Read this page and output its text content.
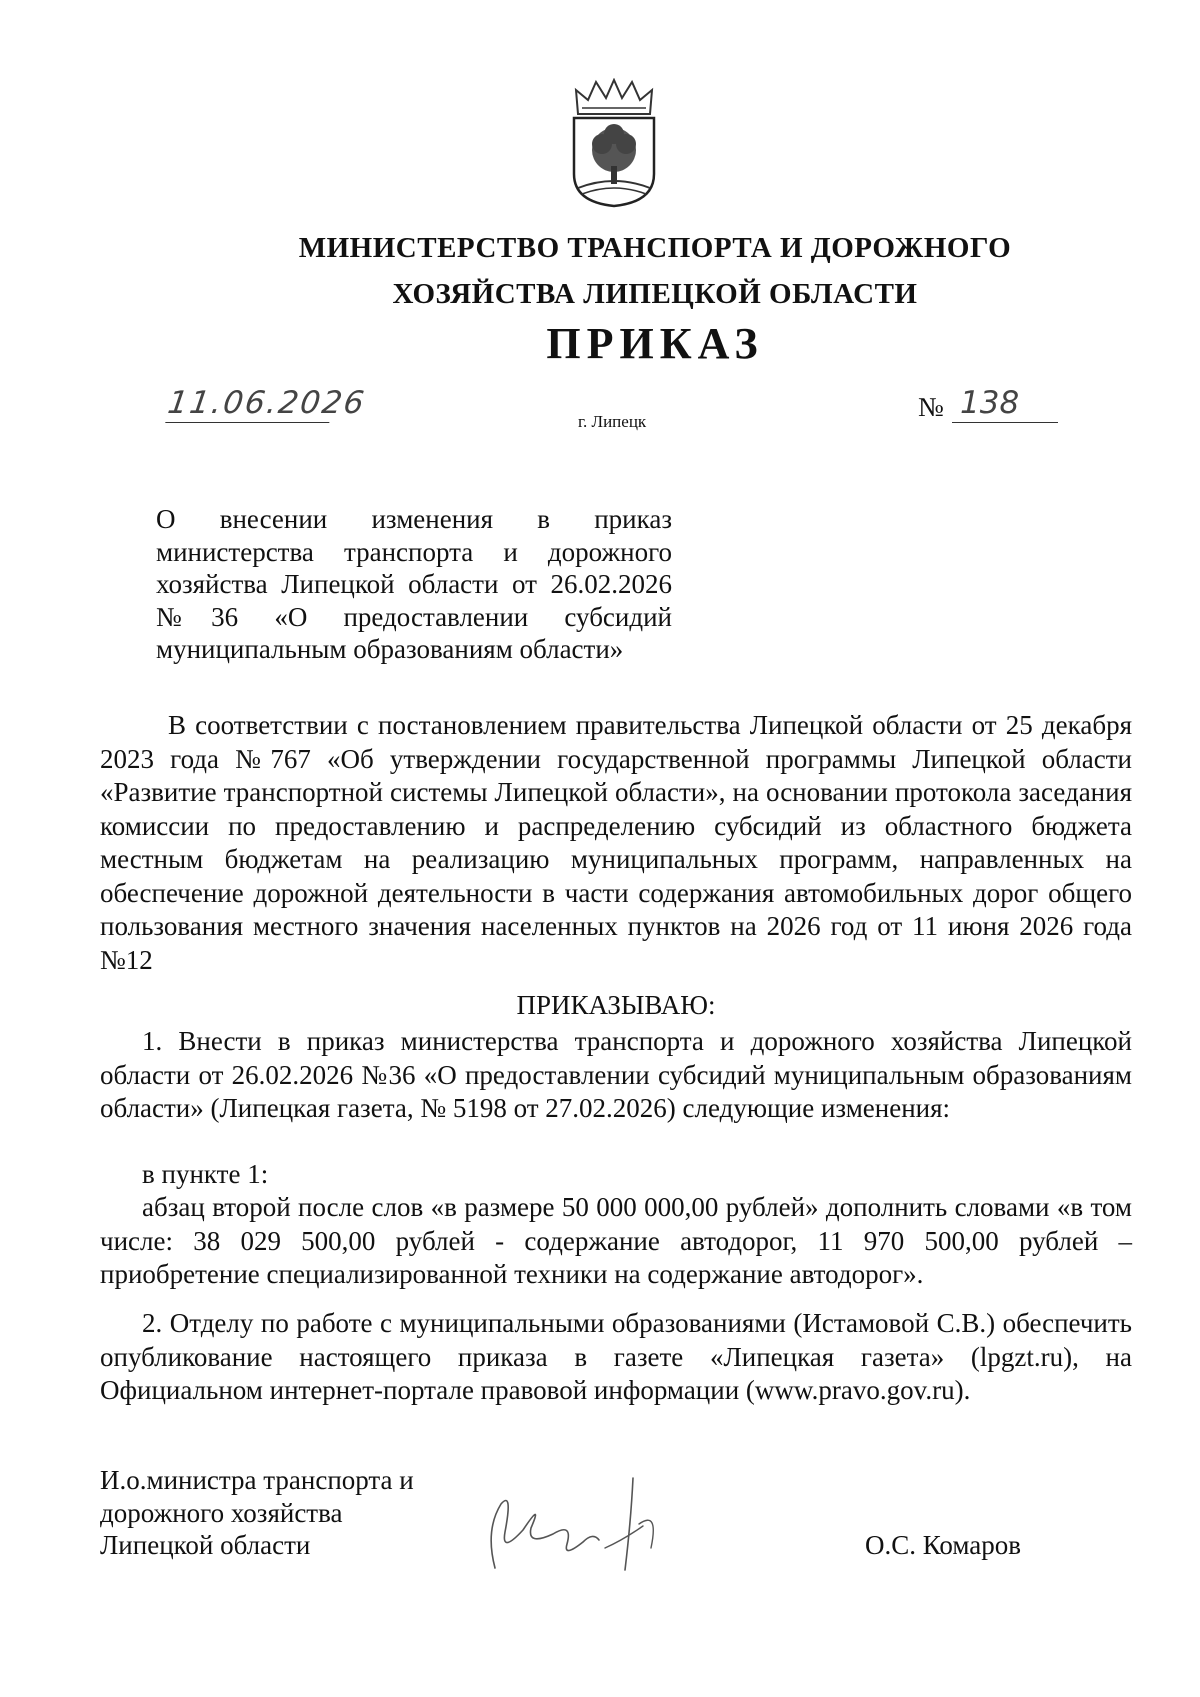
МИНИСТЕРСТВО ТРАНСПОРТА И ДОРОЖНОГО
ХОЗЯЙСТВА ЛИПЕЦКОЙ ОБЛАСТИ
ПРИКАЗ
11.06.2026
г. Липецк	№ 138
О внесении изменения в приказ министерства транспорта и дорожного хозяйства Липецкой области от 26.02.2026 №36 «О предоставлении субсидий муниципальным образованиям области»
В соответствии с постановлением правительства Липецкой области от 25 декабря 2023 года №767 «Об утверждении государственной программы Липецкой области «Развитие транспортной системы Липецкой области», на основании протокола заседания комиссии по предоставлению и распределению субсидий из областного бюджета местным бюджетам на реализацию муниципальных программ, направленных на обеспечение дорожной деятельности в части содержания автомобильных дорог общего пользования местного значения населенных пунктов на 2026 год от 11 июня 2026 года №12
ПРИКАЗЫВАЮ:
1. Внести в приказ министерства транспорта и дорожного хозяйства Липецкой области от 26.02.2026 №36 «О предоставлении субсидий муниципальным образованиям области» (Липецкая газета, № 5198 от 27.02.2026) следующие изменения:
в пункте 1:
абзац второй после слов «в размере 50 000 000,00 рублей» дополнить словами «в том числе: 38 029 500,00 рублей - содержание автодорог, 11 970 500,00 рублей – приобретение специализированной техники на содержание автодорог».
2. Отделу по работе с муниципальными образованиями (Истамовой С.В.) обеспечить опубликование настоящего приказа в газете «Липецкая газета» (lpgzt.ru), на Официальном интернет-портале правовой информации (www.pravo.gov.ru).
И.о.министра транспорта и
дорожного хозяйства
Липецкой области	О.С. Комаров
